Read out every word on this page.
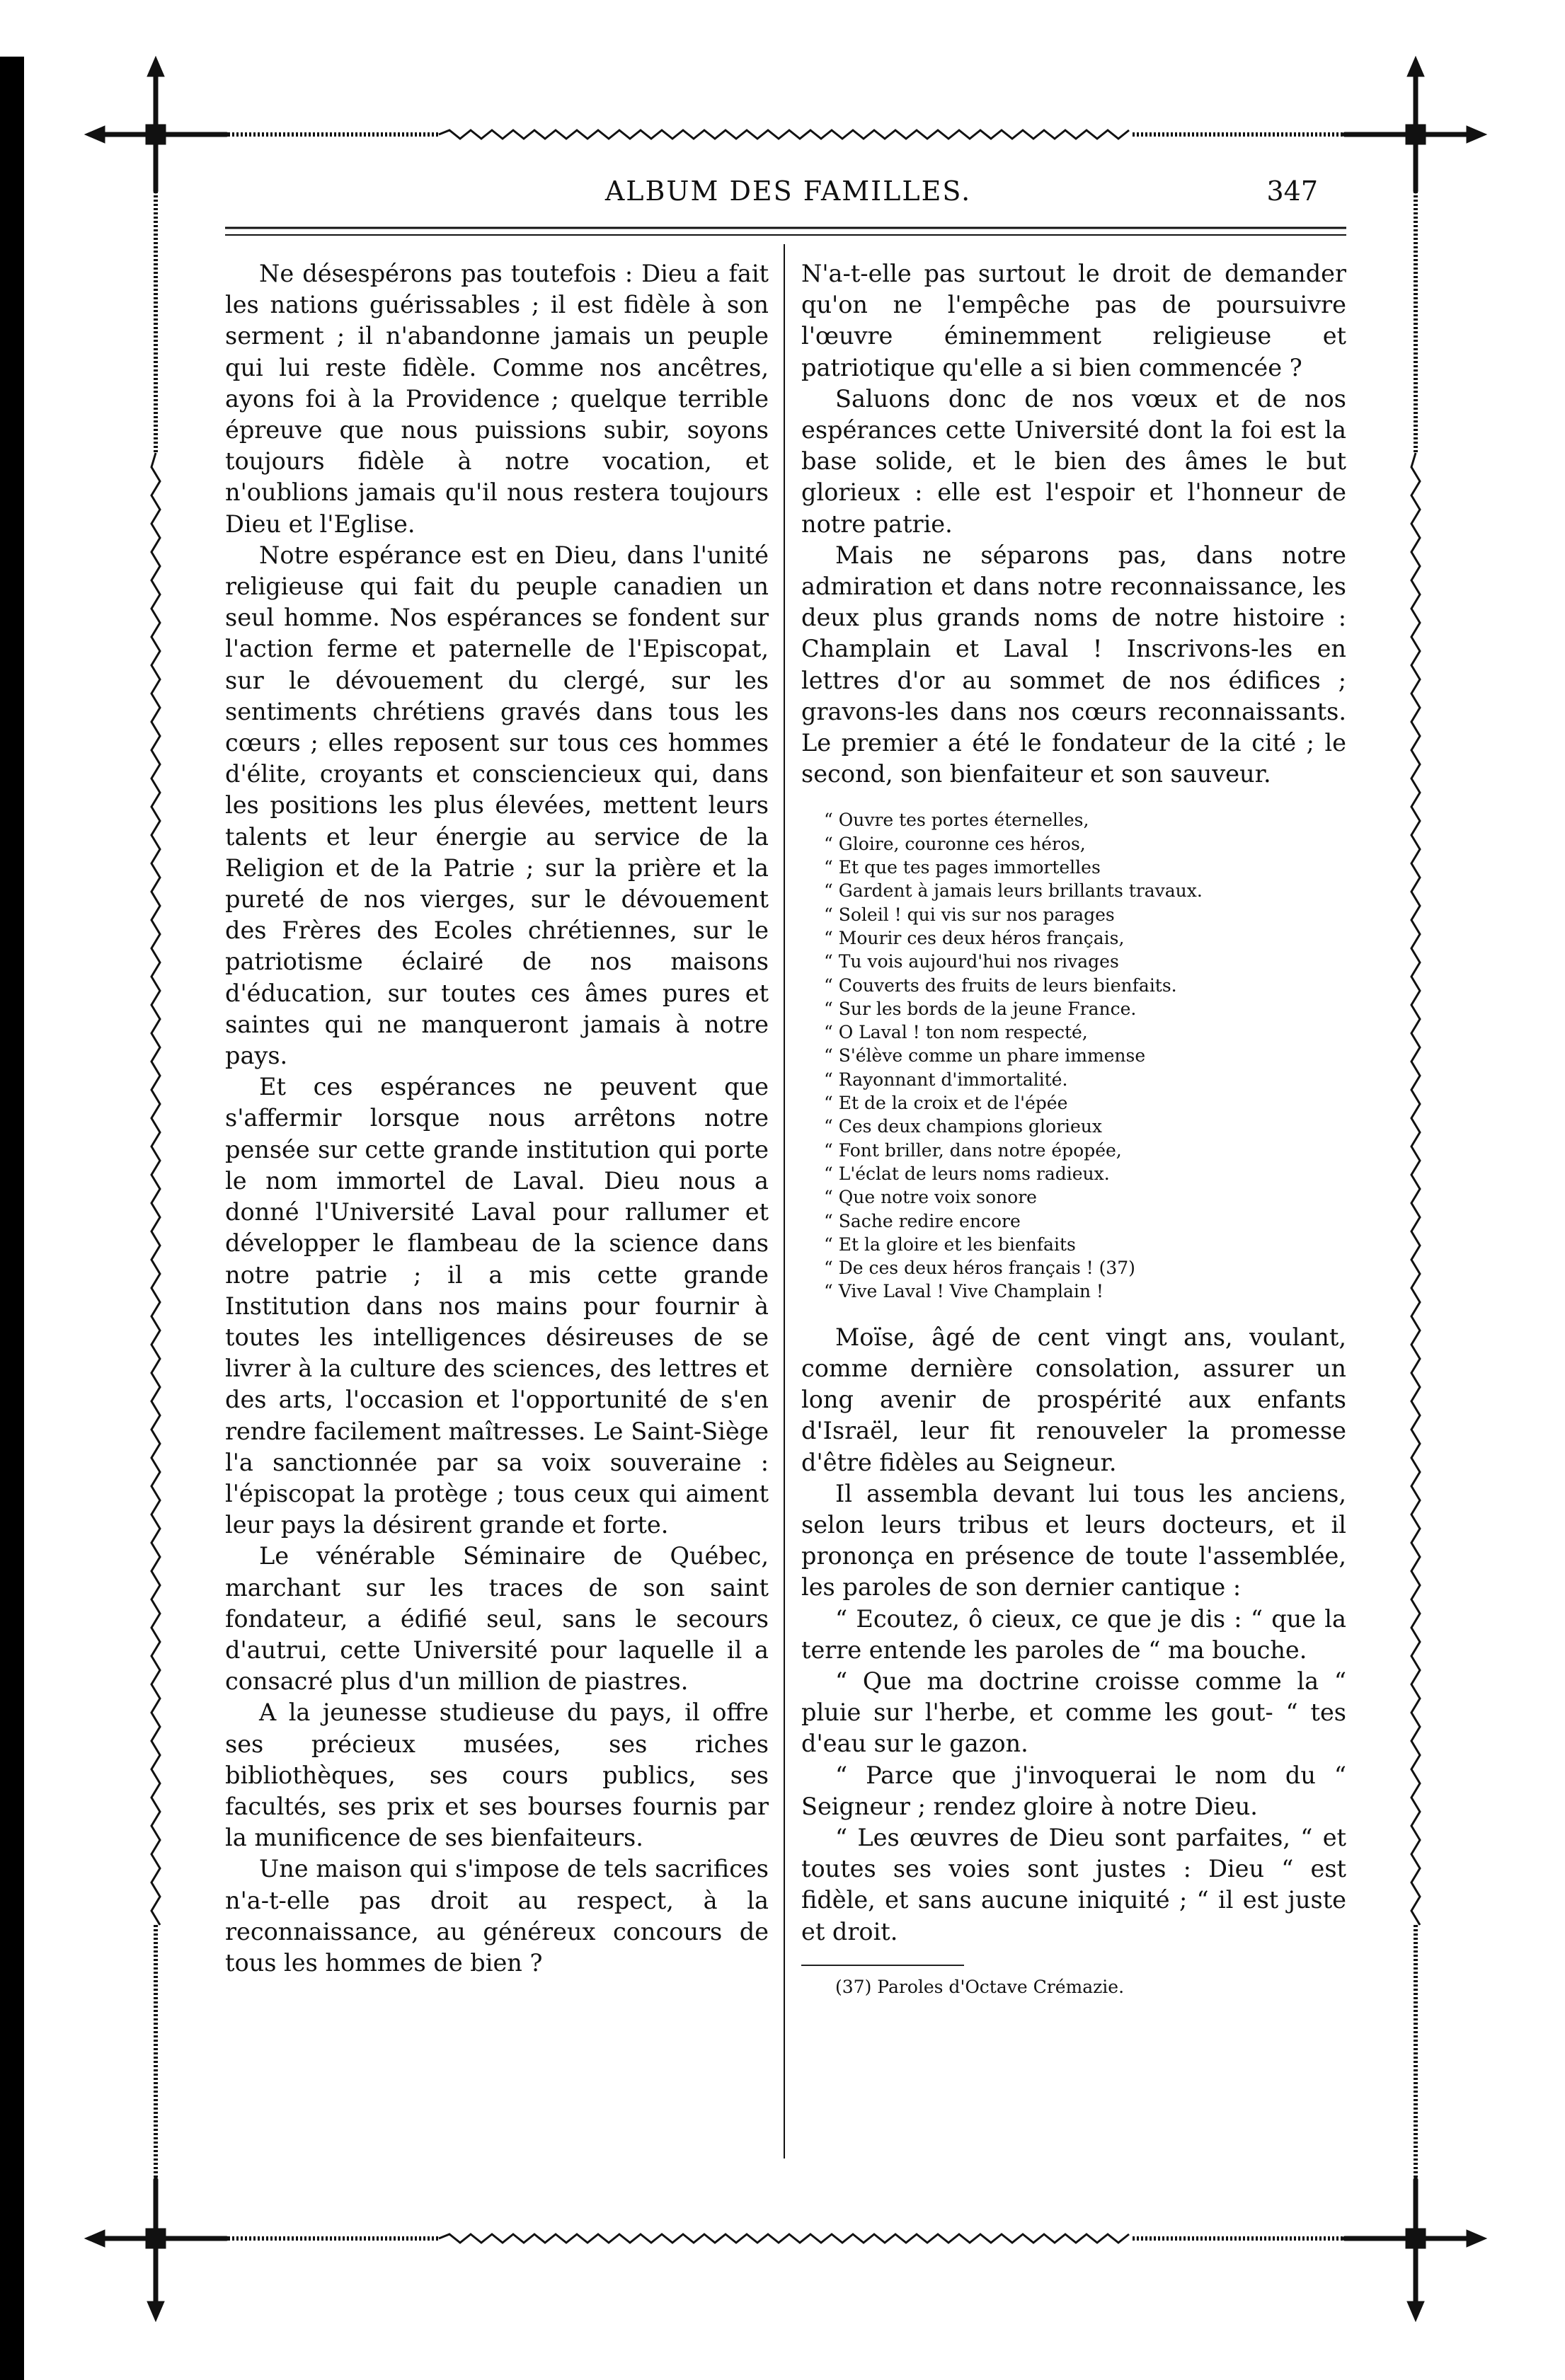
ALBUM DES FAMILLES.	347

Ne désespérons pas toutefois : Dieu a fait les nations guérissables ; il est fidèle à son serment ; il n'abandonne jamais un peuple qui lui reste fidèle. Comme nos ancêtres, ayons foi à la Providence ; quelque terrible épreuve que nous puissions subir, soyons toujours fidèle à notre vocation, et n'oublions jamais qu'il nous restera toujours Dieu et l'Eglise.

Notre espérance est en Dieu, dans l'unité religieuse qui fait du peuple canadien un seul homme. Nos espérances se fondent sur l'action ferme et paternelle de l'Episcopat, sur le dévouement du clergé, sur les sentiments chrétiens gravés dans tous les cœurs ; elles reposent sur tous ces hommes d'élite, croyants et consciencieux qui, dans les positions les plus élevées, mettent leurs talents et leur énergie au service de la Religion et de la Patrie ; sur la prière et la pureté de nos vierges, sur le dévouement des Frères des Ecoles chrétiennes, sur le patriotisme éclairé de nos maisons d'éducation, sur toutes ces âmes pures et saintes qui ne manqueront jamais à notre pays.

Et ces espérances ne peuvent que s'affermir lorsque nous arrêtons notre pensée sur cette grande institution qui porte le nom immortel de Laval. Dieu nous a donné l'Université Laval pour rallumer et développer le flambeau de la science dans notre patrie ; il a mis cette grande Institution dans nos mains pour fournir à toutes les intelligences désireuses de se livrer à la culture des sciences, des lettres et des arts, l'occasion et l'opportunité de s'en rendre facilement maîtresses. Le Saint-Siège l'a sanctionnée par sa voix souveraine : l'épiscopat la protège ; tous ceux qui aiment leur pays la désirent grande et forte.

Le vénérable Séminaire de Québec, marchant sur les traces de son saint fondateur, a édifié seul, sans le secours d'autrui, cette Université pour laquelle il a consacré plus d'un million de piastres.

A la jeunesse studieuse du pays, il offre ses précieux musées, ses riches bibliothèques, ses cours publics, ses facultés, ses prix et ses bourses fournis par la munificence de ses bienfaiteurs.

Une maison qui s'impose de tels sacrifices n'a-t-elle pas droit au respect, à la reconnaissance, au généreux concours de tous les hommes de bien ?

N'a-t-elle pas surtout le droit de demander qu'on ne l'empêche pas de poursuivre l'œuvre éminemment religieuse et patriotique qu'elle a si bien commencée ?

Saluons donc de nos vœux et de nos espérances cette Université dont la foi est la base solide, et le bien des âmes le but glorieux : elle est l'espoir et l'honneur de notre patrie.

Mais ne séparons pas, dans notre admiration et dans notre reconnaissance, les deux plus grands noms de notre histoire : Champlain et Laval ! Inscrivons-les en lettres d'or au sommet de nos édifices ; gravons-les dans nos cœurs reconnaissants. Le premier a été le fondateur de la cité ; le second, son bienfaiteur et son sauveur.

“ Ouvre tes portes éternelles,
“ Gloire, couronne ces héros,
“ Et que tes pages immortelles
“ Gardent à jamais leurs brillants travaux.
“ Soleil ! qui vis sur nos parages
“ Mourir ces deux héros français,
“ Tu vois aujourd'hui nos rivages
“ Couverts des fruits de leurs bienfaits.
“ Sur les bords de la jeune France.
“ O Laval ! ton nom respecté,
“ S'élève comme un phare immense
“ Rayonnant d'immortalité.
“ Et de la croix et de l'épée
“ Ces deux champions glorieux
“ Font briller, dans notre épopée,
“ L'éclat de leurs noms radieux.
“ Que notre voix sonore
“ Sache redire encore
“ Et la gloire et les bienfaits
“ De ces deux héros français ! (37)
“ Vive Laval ! Vive Champlain !

Moïse, âgé de cent vingt ans, voulant, comme dernière consolation, assurer un long avenir de prospérité aux enfants d'Israël, leur fit renouveler la promesse d'être fidèles au Seigneur.

Il assembla devant lui tous les anciens, selon leurs tribus et leurs docteurs, et il prononça en présence de toute l'assemblée, les paroles de son dernier cantique :

“ Ecoutez, ô cieux, ce que je dis : “ que la terre entende les paroles de “ ma bouche.

“ Que ma doctrine croisse comme la “ pluie sur l'herbe, et comme les gout- “ tes d'eau sur le gazon.

“ Parce que j'invoquerai le nom du “ Seigneur ; rendez gloire à notre Dieu.

“ Les œuvres de Dieu sont parfaites, “ et toutes ses voies sont justes : Dieu “ est fidèle, et sans aucune iniquité ; “ il est juste et droit.

(37) Paroles d'Octave Crémazie.
